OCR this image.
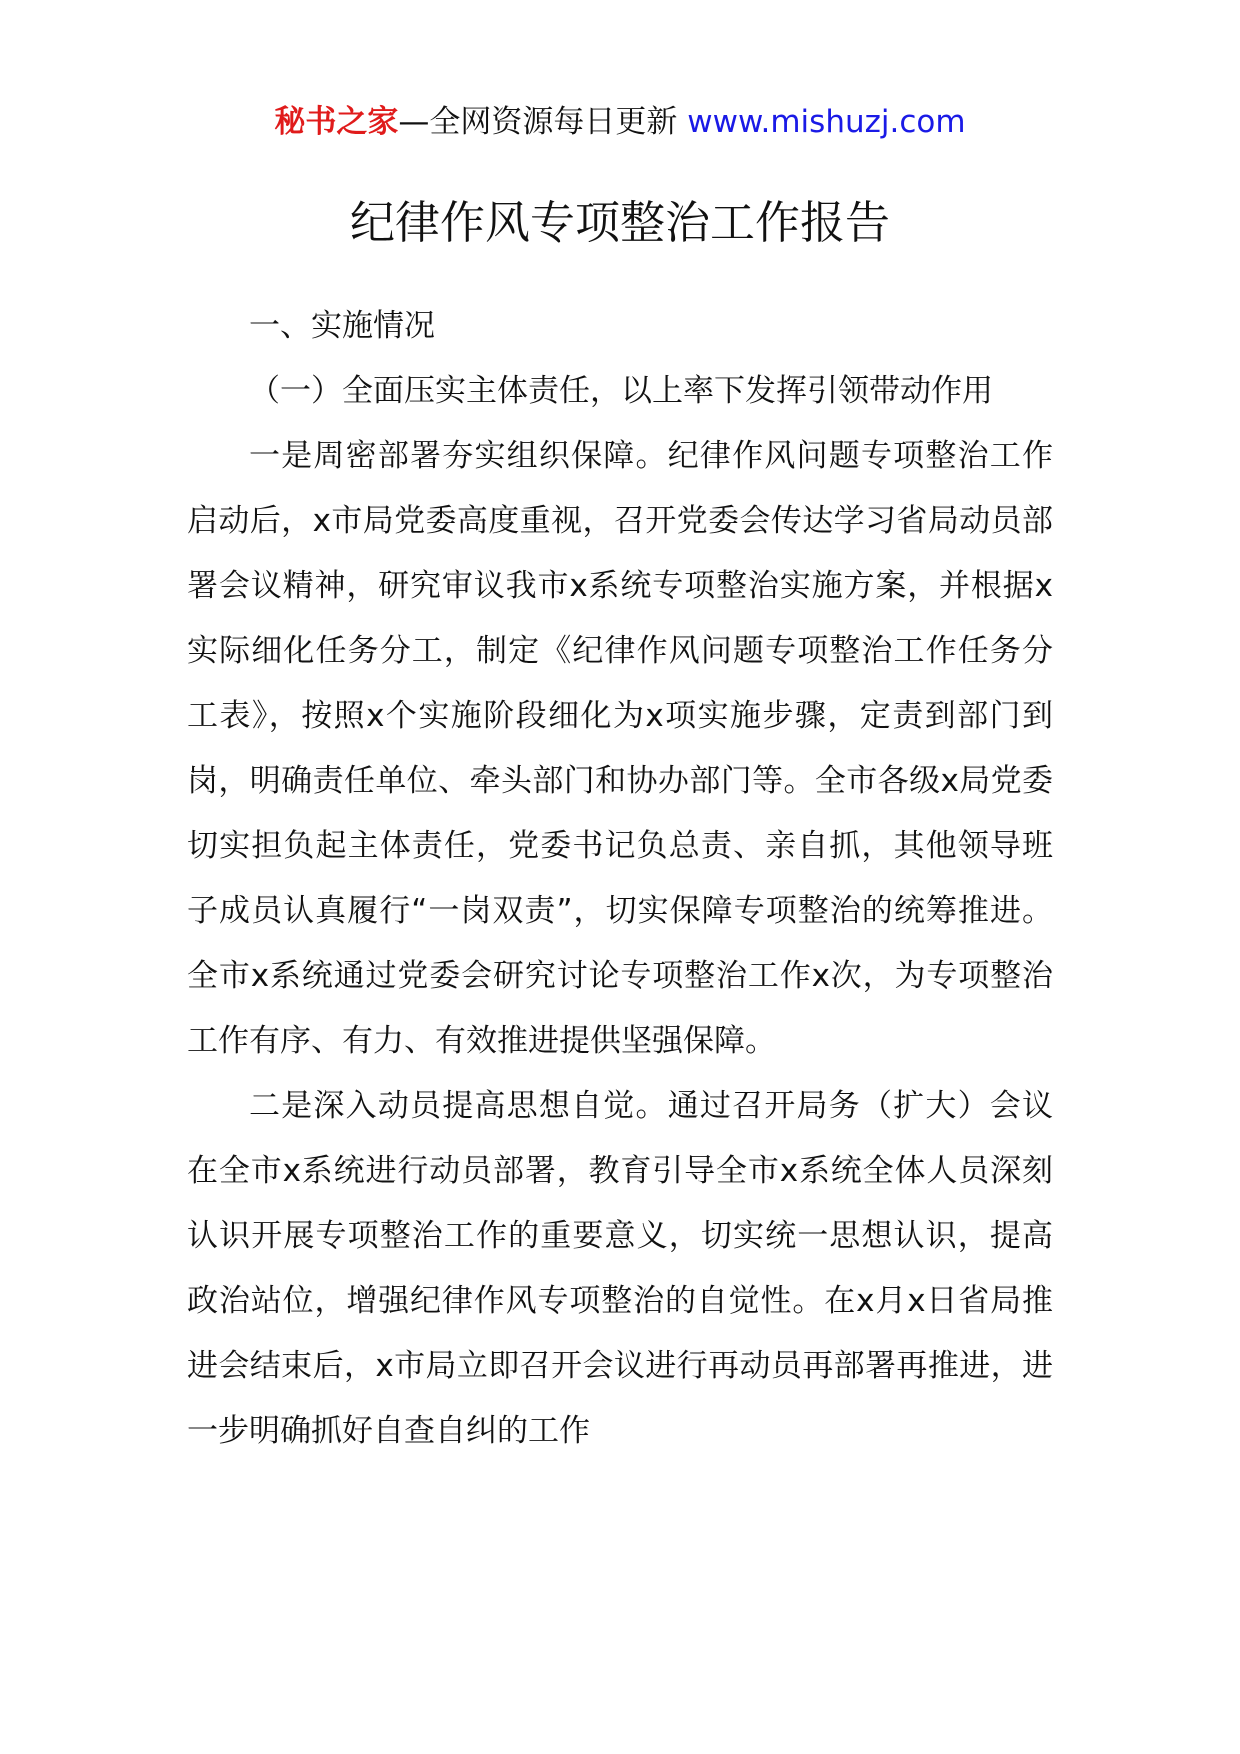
秘书之家—全网资源每日更新 www.mishuzj.com
纪律作风专项整治工作报告

一、实施情况

（一）全面压实主体责任，以上率下发挥引领带动作用

一是周密部署夯实组织保障。纪律作风问题专项整治工作启动后，x市局党委高度重视，召开党委会传达学习省局动员部署会议精神，研究审议我市x系统专项整治实施方案，并根据x实际细化任务分工，制定《纪律作风问题专项整治工作任务分工表》，按照x个实施阶段细化为x项实施步骤，定责到部门到岗，明确责任单位、牵头部门和协办部门等。全市各级x局党委切实担负起主体责任，党委书记负总责、亲自抓，其他领导班子成员认真履行“一岗双责”，切实保障专项整治的统筹推进。全市x系统通过党委会研究讨论专项整治工作x次，为专项整治工作有序、有力、有效推进提供坚强保障。

二是深入动员提高思想自觉。通过召开局务（扩大）会议在全市x系统进行动员部署，教育引导全市x系统全体人员深刻认识开展专项整治工作的重要意义，切实统一思想认识，提高政治站位，增强纪律作风专项整治的自觉性。在x月x日省局推进会结束后，x市局立即召开会议进行再动员再部署再推进，进一步明确抓好自查自纠的工作
